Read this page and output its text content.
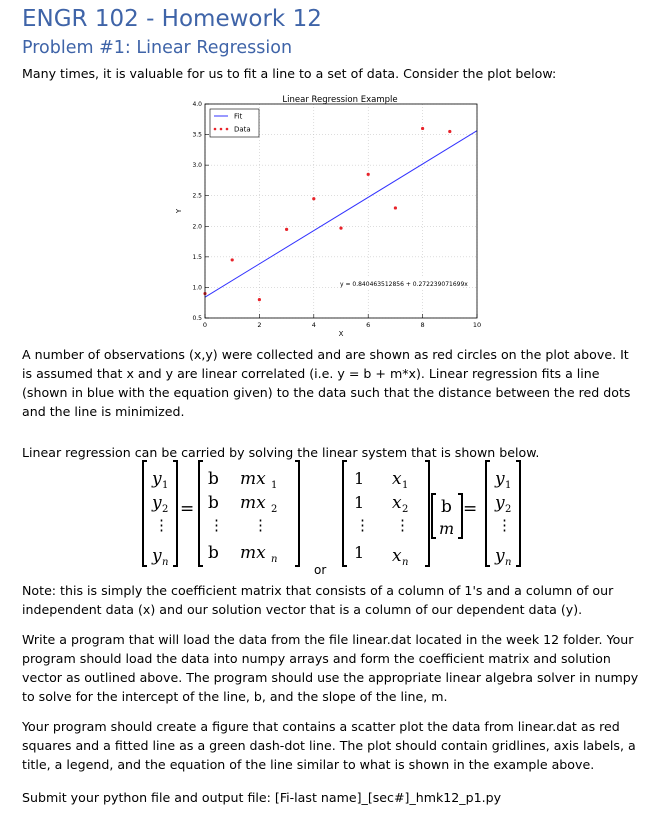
ENGR 102 - Homework 12
Problem #1: Linear Regression
Many times, it is valuable for us to fit a line to a set of data. Consider the plot below:
Linear Regression Example
0	2	4	6	8	10
0.5
1.0
1.5
2.0
2.5
3.0
3.5
4.0
X
Y
Fit
Data
y = 0.840463512856 + 0.272239071699x
A number of observations (x,y) were collected and are shown as red circles on the plot above. It is assumed that x and y are linear correlated (i.e. y = b + m*x). Linear regression fits a line (shown in blue with the equation given) to the data such that the distance between the red dots and the line is minimized.
Linear regression can be carried by solving the linear system that is shown below.
y 1
y 2
⋮
y n
=
b
b
⋮
b
mx 1
mx 2
⋮
mx n
1
1
⋮
1
x 1
x 2
⋮
x n
b
m
=
y 1
y 2
⋮
y n
or
Note: this is simply the coefficient matrix that consists of a column of 1's and a column of our independent data (x) and our solution vector that is a column of our dependent data (y).
Write a program that will load the data from the file linear.dat located in the week 12 folder. Your program should load the data into numpy arrays and form the coefficient matrix and solution vector as outlined above. The program should use the appropriate linear algebra solver in numpy to solve for the intercept of the line, b, and the slope of the line, m.
Your program should create a figure that contains a scatter plot the data from linear.dat as red squares and a fitted line as a green dash-dot line. The plot should contain gridlines, axis labels, a title, a legend, and the equation of the line similar to what is shown in the example above.
Submit your python file and output file: [Fi-last name]_[sec#]_hmk12_p1.py
